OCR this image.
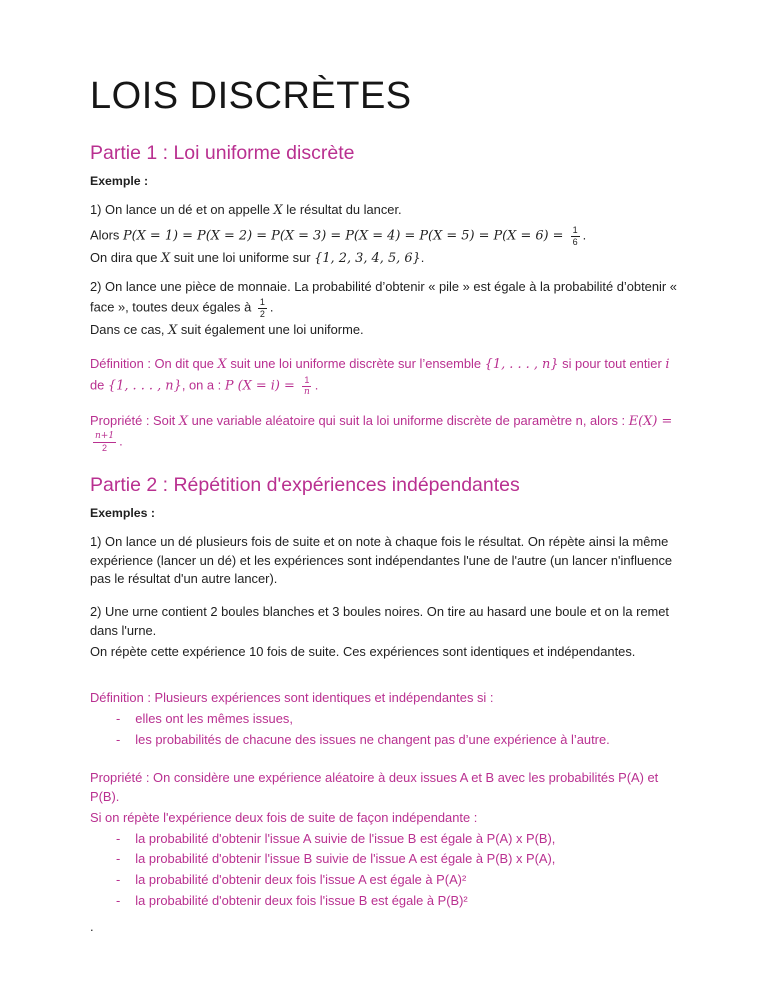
LOIS DISCRÈTES
Partie 1 : Loi uniforme discrète

Exemple :

1) On lance un dé et on appelle X le résultat du lancer.

Alors $P(X = 1) = P(X = 2) = P(X = 3) = P(X = 4) = P(X = 5) = P(X = 6) = \frac{1}{6}$ .

On dira que X suit une loi uniforme sur {1, 2, 3, 4, 5, 6}.

2) On lance une pièce de monnaie. La probabilité d’obtenir « pile » est égale à la probabilité d’obtenir « face », toutes deux égales à $\frac{1}{2}$ .

Dans ce cas, X suit également une loi uniforme.

Définition : On dit que X suit une loi uniforme discrète sur l’ensemble {1, . . . , n} si pour tout entier i de {1, . . . , n}, on a : P $(X = i) = \frac{1}{n}$ .

Propriété : Soit X une variable aléatoire qui suit la loi uniforme discrète de paramètre n, alors : E(X) =
$\frac{n+1}{2}$ .

Partie 2 : Répétition d'expériences indépendantes

Exemples :

1) On lance un dé plusieurs fois de suite et on note à chaque fois le résultat. On répète ainsi la même expérience (lancer un dé) et les expériences sont indépendantes l'une de l'autre (un lancer n'influence pas le résultat d'un autre lancer).

2) Une urne contient 2 boules blanches et 3 boules noires. On tire au hasard une boule et on la remet dans l'urne.

On répète cette expérience 10 fois de suite. Ces expériences sont identiques et indépendantes.

Définition : Plusieurs expériences sont identiques et indépendantes si :

- elles ont les mêmes issues,
- les probabilités de chacune des issues ne changent pas d’une expérience à l’autre.

Propriété : On considère une expérience aléatoire à deux issues A et B avec les probabilités P(A) et P(B).

Si on répète l'expérience deux fois de suite de façon indépendante :

- la probabilité d'obtenir l'issue A suivie de l'issue B est égale à P(A) x P(B),
- la probabilité d'obtenir l'issue B suivie de l'issue A est égale à P(B) x P(A),
- la probabilité d'obtenir deux fois l'issue A est égale à P(A)²
- la probabilité d'obtenir deux fois l'issue B est égale à P(B)²

.
